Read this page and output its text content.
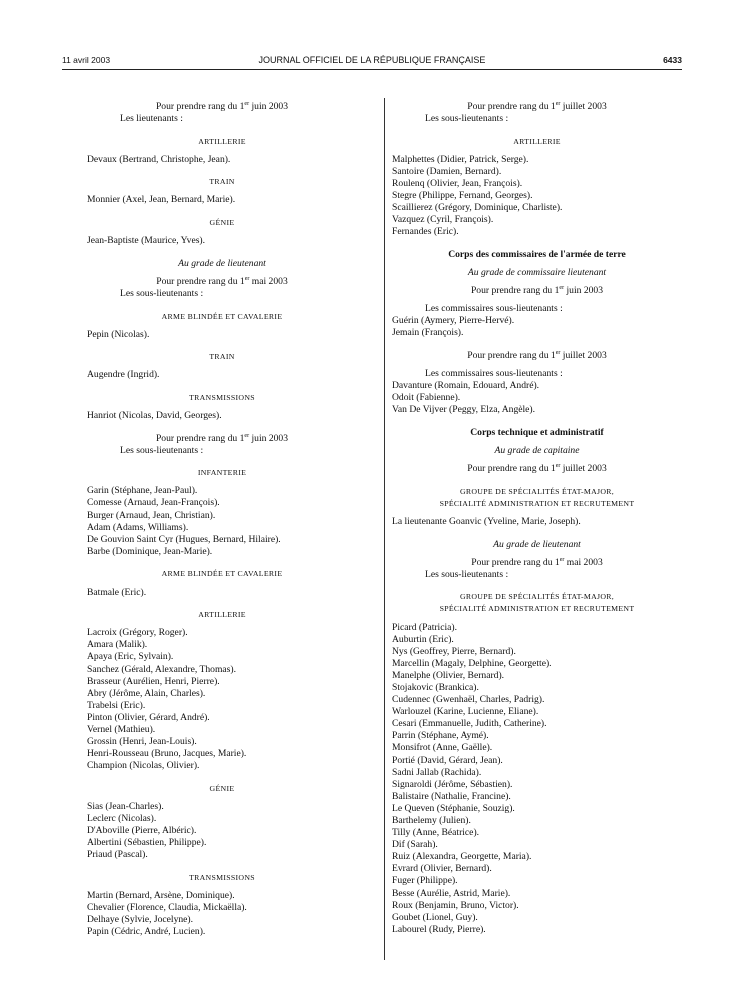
11 avril 2003	JOURNAL OFFICIEL DE LA RÉPUBLIQUE FRANÇAISE	6433
Pour prendre rang du 1er juin 2003
Les lieutenants :
ARTILLERIE
Devaux (Bertrand, Christophe, Jean).
TRAIN
Monnier (Axel, Jean, Bernard, Marie).
GÉNIE
Jean-Baptiste (Maurice, Yves).
Au grade de lieutenant
Pour prendre rang du 1er mai 2003
Les sous-lieutenants :
ARME BLINDÉE ET CAVALERIE
Pepin (Nicolas).
TRAIN
Augendre (Ingrid).
TRANSMISSIONS
Hanriot (Nicolas, David, Georges).
Pour prendre rang du 1er juin 2003
Les sous-lieutenants :
INFANTERIE
Garin (Stéphane, Jean-Paul).
Comesse (Arnaud, Jean-François).
Burger (Arnaud, Jean, Christian).
Adam (Adams, Williams).
De Gouvion Saint Cyr (Hugues, Bernard, Hilaire).
Barbe (Dominique, Jean-Marie).
ARME BLINDÉE ET CAVALERIE
Batmale (Eric).
ARTILLERIE
Lacroix (Grégory, Roger).
Amara (Malik).
Apaya (Eric, Sylvain).
Sanchez (Gérald, Alexandre, Thomas).
Brasseur (Aurélien, Henri, Pierre).
Abry (Jérôme, Alain, Charles).
Trabelsi (Eric).
Pinton (Olivier, Gérard, André).
Vernel (Mathieu).
Grossin (Henri, Jean-Louis).
Henri-Rousseau (Bruno, Jacques, Marie).
Champion (Nicolas, Olivier).
GÉNIE
Sias (Jean-Charles).
Leclerc (Nicolas).
D'Aboville (Pierre, Albéric).
Albertini (Sébastien, Philippe).
Priaud (Pascal).
TRANSMISSIONS
Martin (Bernard, Arsène, Dominique).
Chevalier (Florence, Claudia, Mickaëlla).
Delhaye (Sylvie, Jocelyne).
Papin (Cédric, André, Lucien).
Pour prendre rang du 1er juillet 2003
Les sous-lieutenants :
ARTILLERIE
Malphettes (Didier, Patrick, Serge).
Santoire (Damien, Bernard).
Roulenq (Olivier, Jean, François).
Stegre (Philippe, Fernand, Georges).
Scaillierez (Grégory, Dominique, Charliste).
Vazquez (Cyril, François).
Fernandes (Eric).
Corps des commissaires de l'armée de terre
Au grade de commissaire lieutenant
Pour prendre rang du 1er juin 2003
Les commissaires sous-lieutenants :
Guérin (Aymery, Pierre-Hervé).
Jemain (François).
Pour prendre rang du 1er juillet 2003
Les commissaires sous-lieutenants :
Davanture (Romain, Edouard, André).
Odoit (Fabienne).
Van De Vijver (Peggy, Elza, Angèle).
Corps technique et administratif
Au grade de capitaine
Pour prendre rang du 1er juillet 2003
GROUPE DE SPÉCIALITÉS ÉTAT-MAJOR,
SPÉCIALITÉ ADMINISTRATION ET RECRUTEMENT
La lieutenante Goanvic (Yveline, Marie, Joseph).
Au grade de lieutenant
Pour prendre rang du 1er mai 2003
Les sous-lieutenants :
GROUPE DE SPÉCIALITÉS ÉTAT-MAJOR,
SPÉCIALITÉ ADMINISTRATION ET RECRUTEMENT
Picard (Patricia).
Auburtin (Eric).
Nys (Geoffrey, Pierre, Bernard).
Marcellin (Magaly, Delphine, Georgette).
Manelphe (Olivier, Bernard).
Stojakovic (Brankica).
Cudennec (Gwenhaël, Charles, Padrig).
Warlouzel (Karine, Lucienne, Eliane).
Cesari (Emmanuelle, Judith, Catherine).
Parrin (Stéphane, Aymé).
Monsifrot (Anne, Gaëlle).
Portié (David, Gérard, Jean).
Sadni Jallab (Rachida).
Signaroldi (Jérôme, Sébastien).
Balistaire (Nathalie, Francine).
Le Queven (Stéphanie, Souzig).
Barthelemy (Julien).
Tilly (Anne, Béatrice).
Dif (Sarah).
Ruiz (Alexandra, Georgette, Maria).
Evrard (Olivier, Bernard).
Fuger (Philippe).
Besse (Aurélie, Astrid, Marie).
Roux (Benjamin, Bruno, Victor).
Goubet (Lionel, Guy).
Labourel (Rudy, Pierre).
